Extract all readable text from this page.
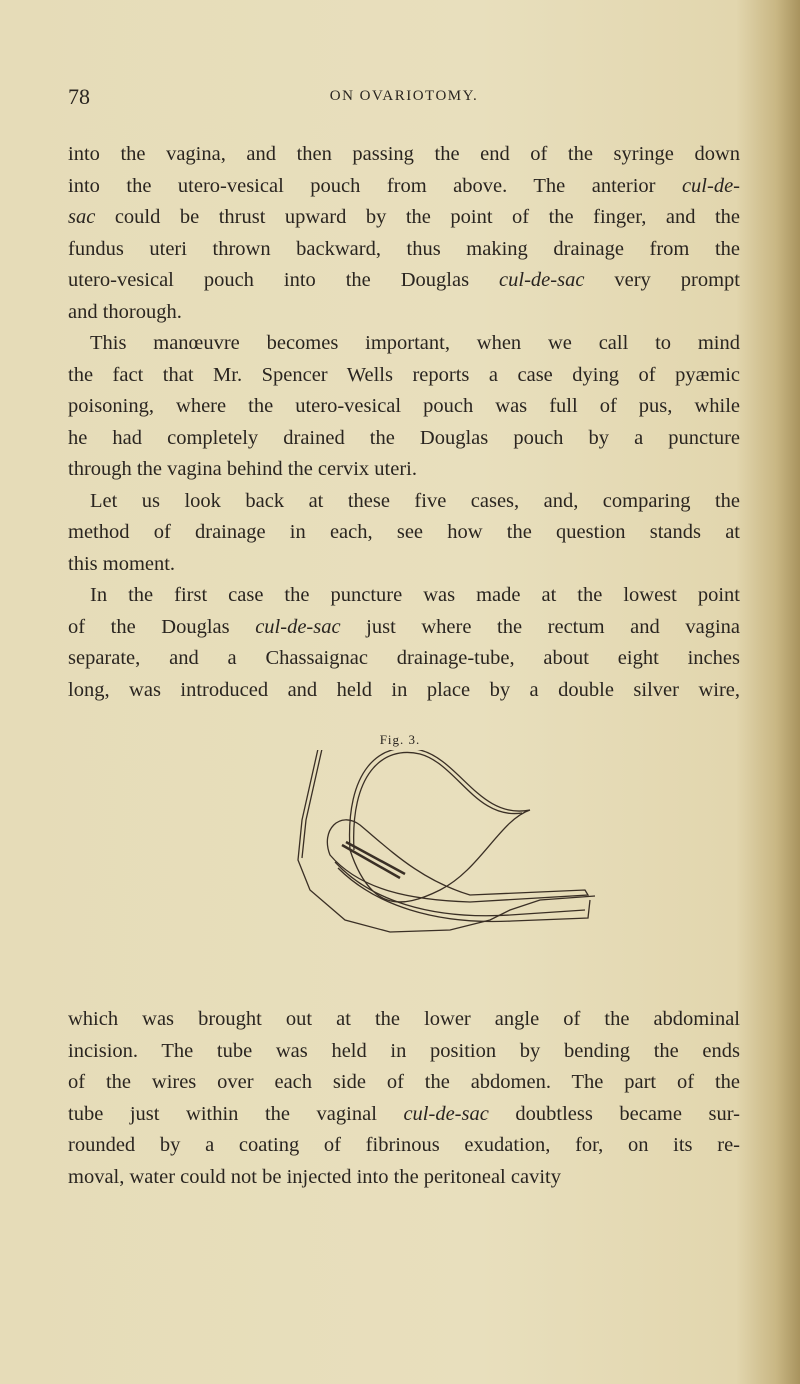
78	ON OVARIOTOMY.
into the vagina, and then passing the end of the syringe down
into the utero-vesical pouch from above. The anterior cul-de-
sac could be thrust upward by the point of the finger, and the
fundus uteri thrown backward, thus making drainage from the
utero-vesical pouch into the Douglas cul-de-sac very prompt
and thorough.
This manœuvre becomes important, when we call to mind
the fact that Mr. Spencer Wells reports a case dying of pyæmic
poisoning, where the utero-vesical pouch was full of pus, while
he had completely drained the Douglas pouch by a puncture
through the vagina behind the cervix uteri.
Let us look back at these five cases, and, comparing the
method of drainage in each, see how the question stands at
this moment.
In the first case the puncture was made at the lowest point
of the Douglas cul-de-sac just where the rectum and vagina
separate, and a Chassaignac drainage-tube, about eight inches
long, was introduced and held in place by a double silver wire,
which was brought out at the lower angle of the abdominal
incision. The tube was held in position by bending the ends
of the wires over each side of the abdomen. The part of the
tube just within the vaginal cul-de-sac doubtless became sur-
rounded by a coating of fibrinous exudation, for, on its re-
moval, water could not be injected into the peritoneal cavity
Fig. 3.
